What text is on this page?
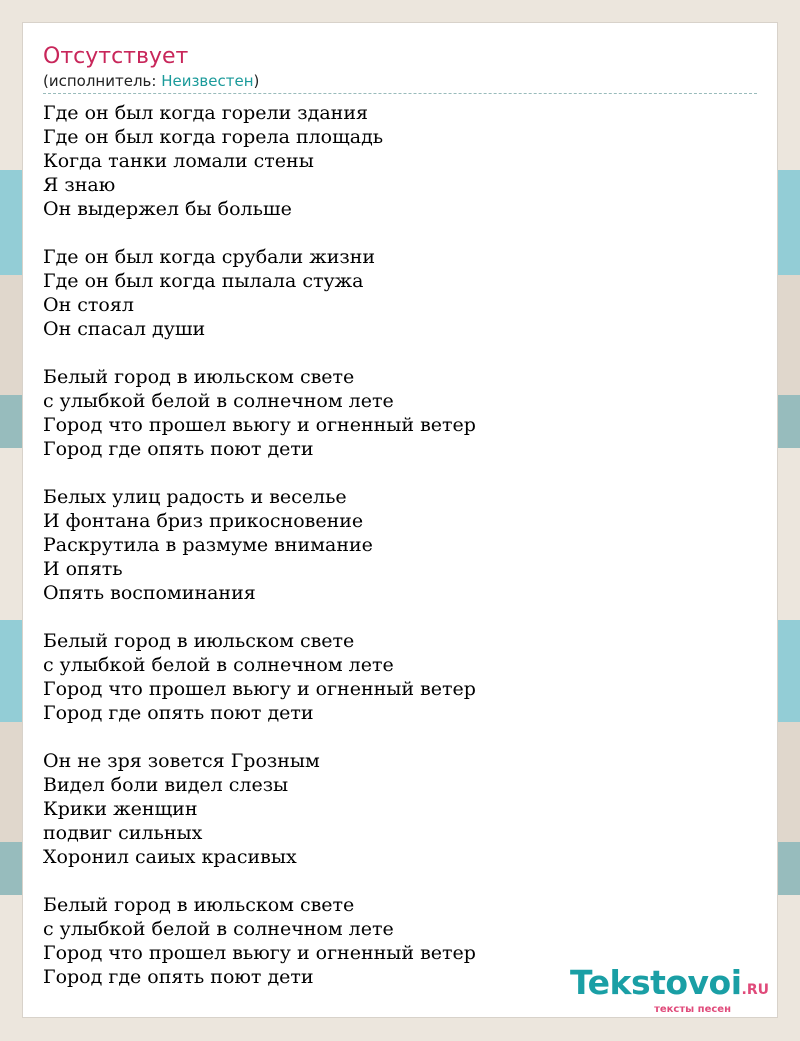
Отсутствует
(исполнитель: Неизвестен)
Где он был когда горели здания
Где он был когда горела площадь
Когда танки ломали стены
Я знаю
Он выдержел бы больше
Где он был когда срубали жизни
Где он был когда пылала стужа
Он стоял
Он спасал души
Белый город в июльском свете
с улыбкой белой в солнечном лете
Город что прошел вьюгу и огненный ветер
Город где опять поют дети
Белых улиц радость и веселье
И фонтана бриз прикосновение
Раскрутила в размуме внимание
И опять
Опять воспоминания
Белый город в июльском свете
с улыбкой белой в солнечном лете
Город что прошел вьюгу и огненный ветер
Город где опять поют дети
Он не зря зовется Грозным
Видел боли видел слезы
Крики женщин
подвиг сильных
Хоронил саиых красивых
Белый город в июльском свете
с улыбкой белой в солнечном лете
Город что прошел вьюгу и огненный ветер
Город где опять поют дети	Tekstovoi.RU
тексты песен
